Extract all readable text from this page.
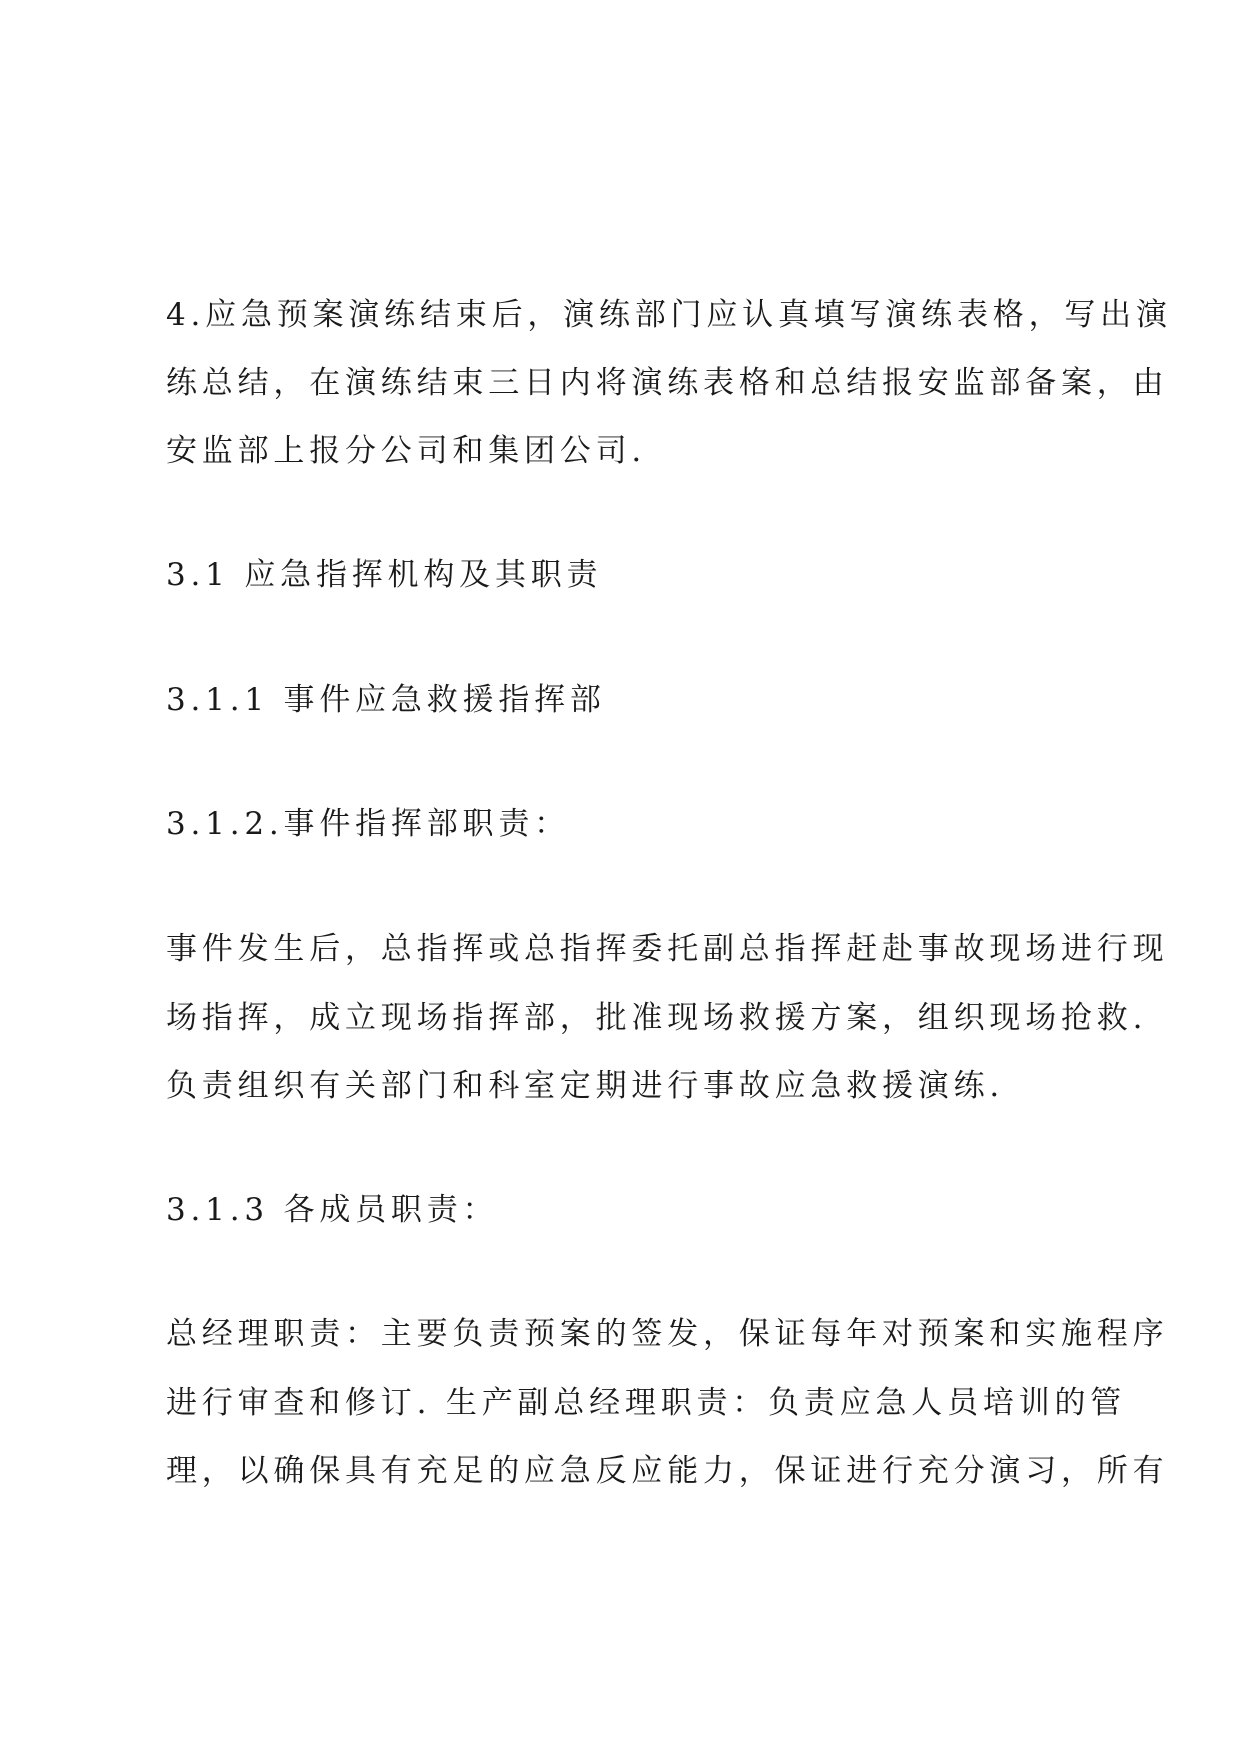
4.应急预案演练结束后，演练部门应认真填写演练表格，写出演
练总结，在演练结束三日内将演练表格和总结报安监部备案，由
安监部上报分公司和集团公司.
3.1 应急指挥机构及其职责
3.1.1 事件应急救援指挥部
3.1.2.事件指挥部职责：
事件发生后，总指挥或总指挥委托副总指挥赶赴事故现场进行现
场指挥，成立现场指挥部，批准现场救援方案，组织现场抢救.
负责组织有关部门和科室定期进行事故应急救援演练.
3.1.3 各成员职责：
总经理职责：主要负责预案的签发，保证每年对预案和实施程序
进行审查和修订. 生产副总经理职责：负责应急人员培训的管
理，以确保具有充足的应急反应能力，保证进行充分演习，所有
